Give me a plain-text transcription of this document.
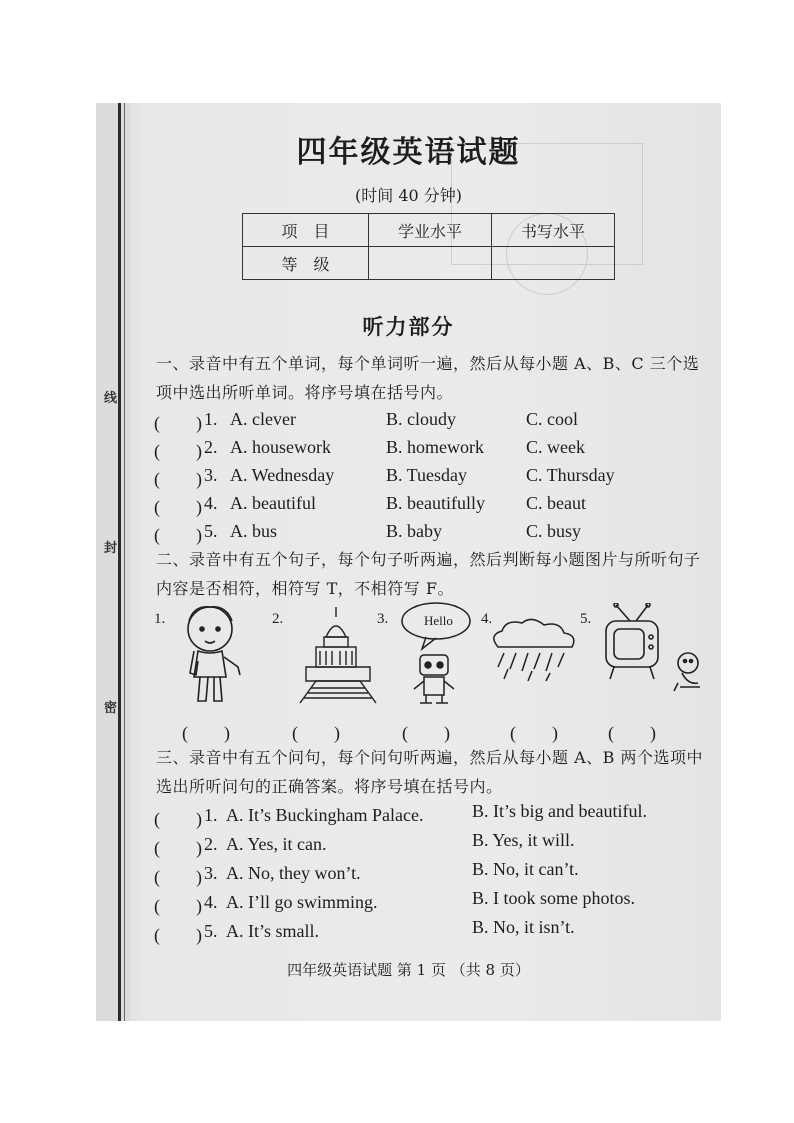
线
封
密
四年级英语试题
(时间 40 分钟)
项　目	学业水平	书写水平
等　级		
听力部分
一、录音中有五个单词，每个单词听一遍，然后从每小题 A、B、C 三个选项中选出所听单词。将序号填在括号内。
(　　) 1. A. clever	B. cloudy	C. cool
(　　) 2. A. housework	B. homework C. week
(　　) 3. A. Wednesday	B. Tuesday	C. Thursday
(　　) 4. A. beautiful	B. beautifully C. beaut
(　　) 5. A. bus	B. baby	C. busy
二、录音中有五个句子，每个句子听两遍，然后判断每小题图片与所听句子内容是否相符，相符写 T，不相符写 F。
1.	2.	3.	4.	5.
Hello
(　　)	(　　)	(　　)	(　　)	(　　)
三、录音中有五个问句，每个问句听两遍，然后从每小题 A、B 两个选项中选出所听问句的正确答案。将序号填在括号内。
(　　) 1. A. It’s Buckingham Palace.	B. It’s big and beautiful.
(　　) 2. A. Yes, it can.	B. Yes, it will.
(　　) 3. A. No, they won’t.	B. No, it can’t.
(　　) 4. A. I’ll go swimming.	B. I took some photos.
(　　) 5. A. It’s small.	B. No, it isn’t.
四年级英语试题 第 1 页 （共 8 页）
